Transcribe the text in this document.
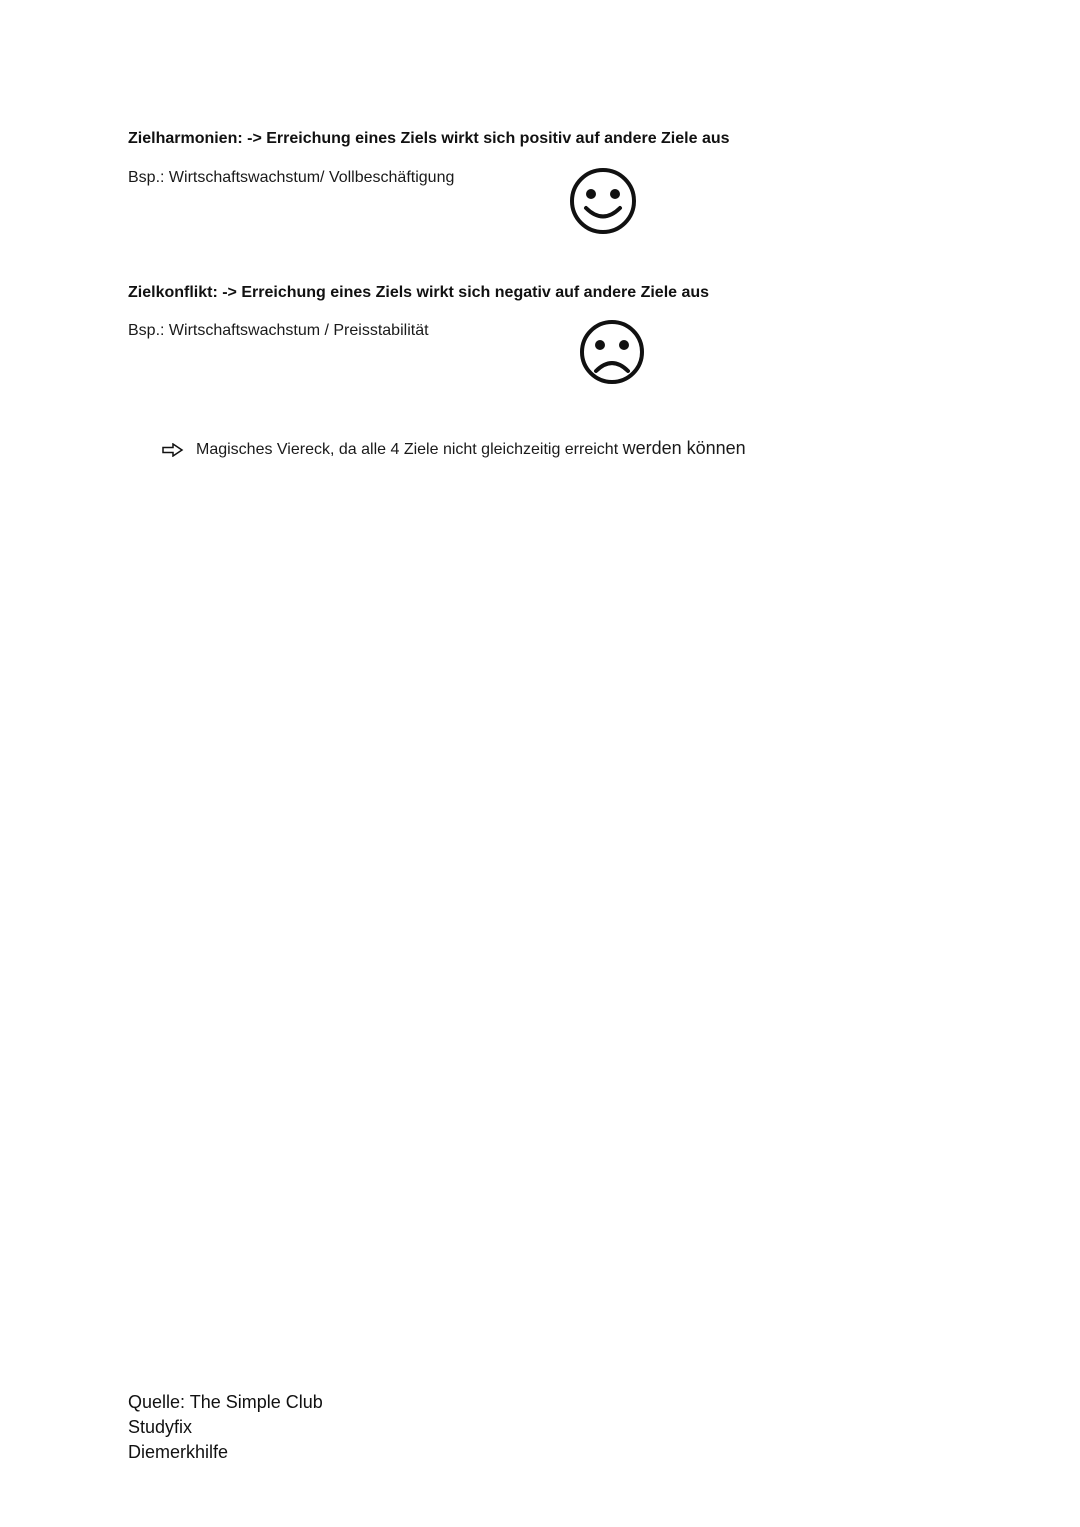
Zielharmonien: -> Erreichung eines Ziels wirkt sich positiv auf andere Ziele aus
Bsp.: Wirtschaftswachstum/ Vollbeschäftigung
Zielkonflikt: -> Erreichung eines Ziels wirkt sich negativ auf andere Ziele aus
Bsp.: Wirtschaftswachstum / Preisstabilität
Magisches Viereck, da alle 4 Ziele nicht gleichzeitig erreicht werden können
Quelle: The Simple Club
Studyfix
Diemerkhilfe
